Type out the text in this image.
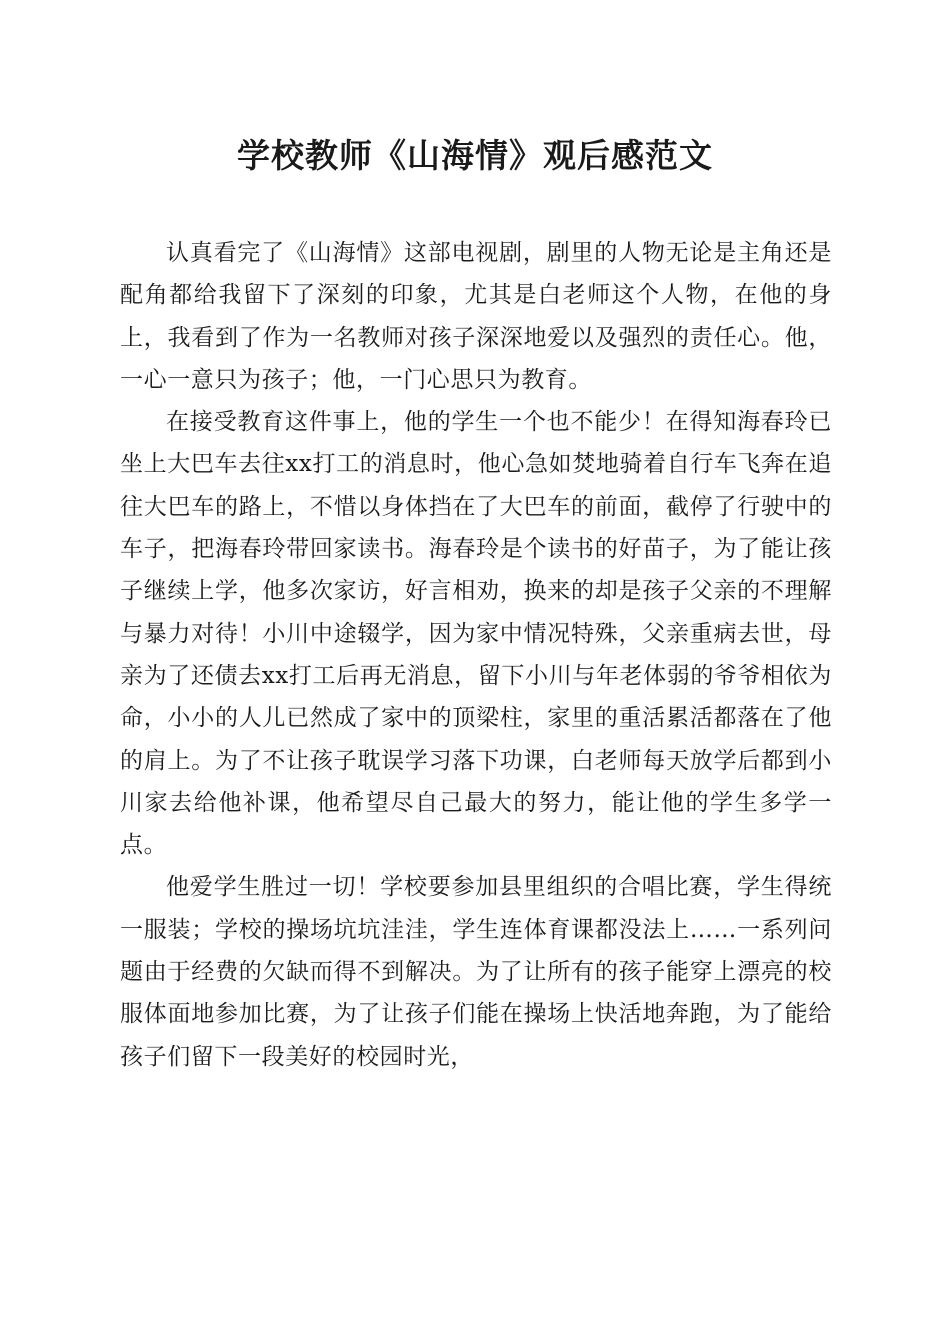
学校教师《山海情》观后感范文

认真看完了《山海情》这部电视剧，剧里的人物无论是主角还是配角都给我留下了深刻的印象，尤其是白老师这个人物，在他的身上，我看到了作为一名教师对孩子深深地爱以及强烈的责任心。他，一心一意只为孩子；他，一门心思只为教育。

在接受教育这件事上，他的学生一个也不能少！在得知海春玲已坐上大巴车去往xx打工的消息时，他心急如焚地骑着自行车飞奔在追往大巴车的路上，不惜以身体挡在了大巴车的前面，截停了行驶中的车子，把海春玲带回家读书。海春玲是个读书的好苗子，为了能让孩子继续上学，他多次家访，好言相劝，换来的却是孩子父亲的不理解与暴力对待！小川中途辍学，因为家中情况特殊，父亲重病去世，母亲为了还债去xx打工后再无消息，留下小川与年老体弱的爷爷相依为命，小小的人儿已然成了家中的顶梁柱，家里的重活累活都落在了他的肩上。为了不让孩子耽误学习落下功课，白老师每天放学后都到小川家去给他补课，他希望尽自己最大的努力，能让他的学生多学一点。

他爱学生胜过一切！学校要参加县里组织的合唱比赛，学生得统一服装；学校的操场坑坑洼洼，学生连体育课都没法上……一系列问题由于经费的欠缺而得不到解决。为了让所有的孩子能穿上漂亮的校服体面地参加比赛，为了让孩子们能在操场上快活地奔跑，为了能给孩子们留下一段美好的校园时光，
